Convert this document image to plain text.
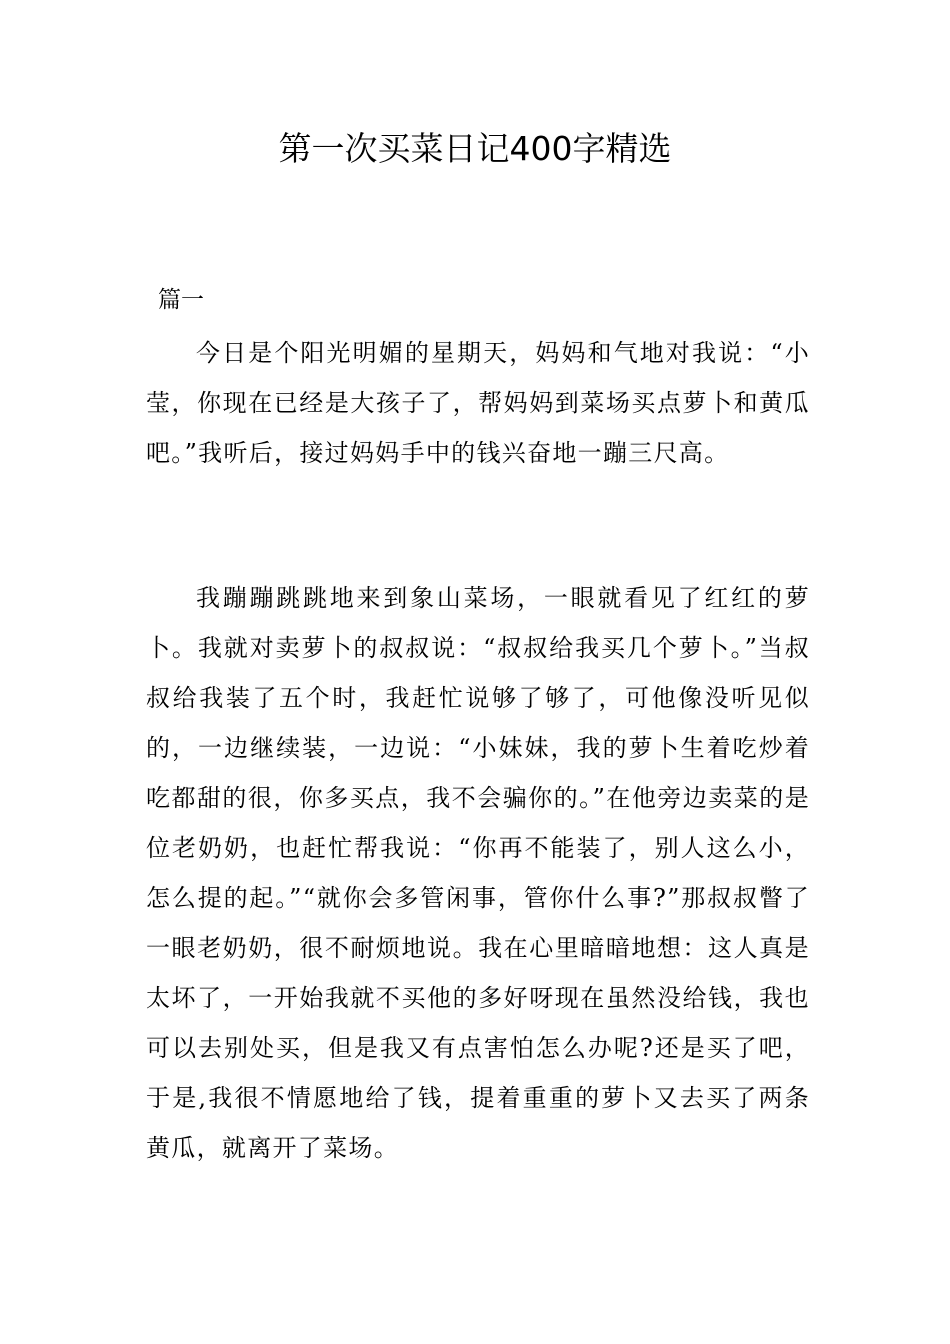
第一次买菜日记400字精选
篇一

今日是个阳光明媚的星期天，妈妈和气地对我说：“小莹，你现在已经是大孩子了，帮妈妈到菜场买点萝卜和黄瓜吧。”我听后，接过妈妈手中的钱兴奋地一蹦三尺高。

我蹦蹦跳跳地来到象山菜场，一眼就看见了红红的萝卜。我就对卖萝卜的叔叔说：“叔叔给我买几个萝卜。”当叔叔给我装了五个时，我赶忙说够了够了，可他像没听见似的，一边继续装，一边说：“小妹妹，我的萝卜生着吃炒着吃都甜的很，你多买点，我不会骗你的。”在他旁边卖菜的是位老奶奶，也赶忙帮我说：“你再不能装了，别人这么小，怎么提的起。”“就你会多管闲事，管你什么事?”那叔叔瞥了一眼老奶奶，很不耐烦地说。我在心里暗暗地想：这人真是太坏了，一开始我就不买他的多好呀现在虽然没给钱，我也可以去别处买，但是我又有点害怕怎么办呢?还是买了吧，于是,我很不情愿地给了钱，提着重重的萝卜又去买了两条黄瓜，就离开了菜场。
